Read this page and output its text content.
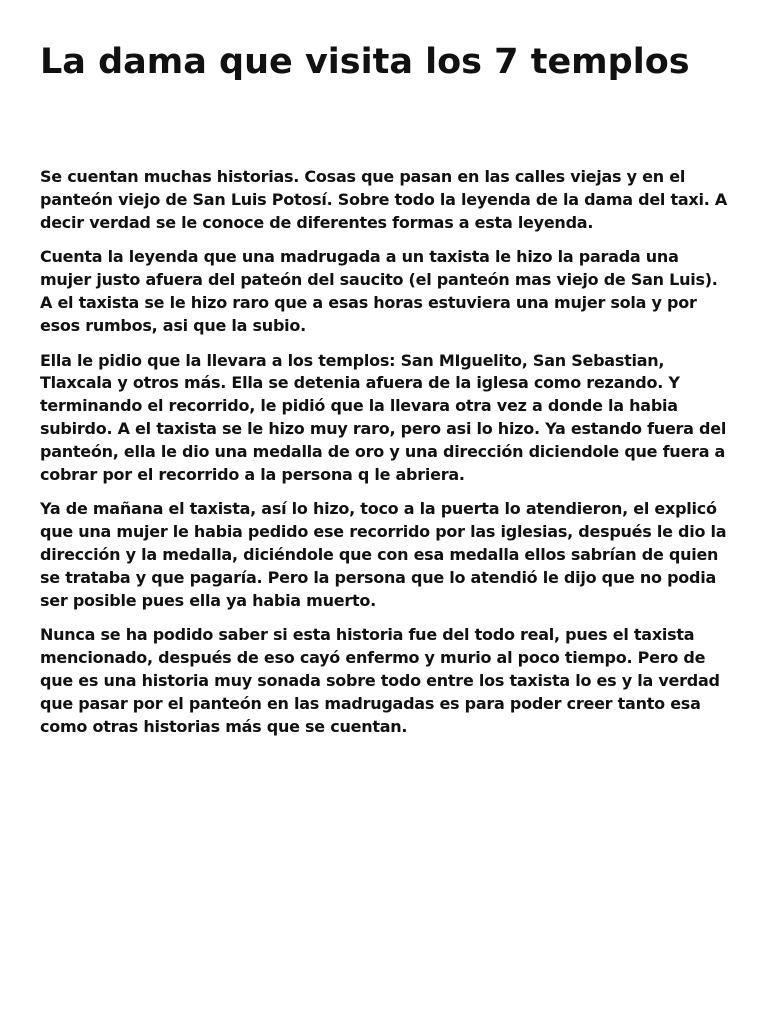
La dama que visita los 7 templos

Se cuentan muchas historias. Cosas que pasan en las calles viejas y en el panteón viejo de San Luis Potosí. Sobre todo la leyenda de la dama del taxi. A decir verdad se le conoce de diferentes formas a esta leyenda.

Cuenta la leyenda que una madrugada a un taxista le hizo la parada una mujer justo afuera del pateón del saucito (el panteón mas viejo de San Luis). A el taxista se le hizo raro que a esas horas estuviera una mujer sola y por esos rumbos, asi que la subio.

Ella le pidio que la llevara a los templos: San MIguelito, San Sebastian, Tlaxcala y otros más. Ella se detenia afuera de la iglesa como rezando. Y terminando el recorrido, le pidió que la llevara otra vez a donde la habia subirdo. A el taxista se le hizo muy raro, pero asi lo hizo. Ya estando fuera del panteón, ella le dio una medalla de oro y una dirección diciendole que fuera a cobrar por el recorrido a la persona q le abriera.

Ya de mañana el taxista, así lo hizo, toco a la puerta lo atendieron, el explicó que una mujer le habia pedido ese recorrido por las iglesias, después le dio la dirección y la medalla, diciéndole que con esa medalla ellos sabrían de quien se trataba y que pagaría. Pero la persona que lo atendió le dijo que no podia ser posible pues ella ya habia muerto.

Nunca se ha podido saber si esta historia fue del todo real, pues el taxista mencionado, después de eso cayó enfermo y murio al poco tiempo. Pero de que es una historia muy sonada sobre todo entre los taxista lo es y la verdad que pasar por el panteón en las madrugadas es para poder creer tanto esa como otras historias más que se cuentan.
